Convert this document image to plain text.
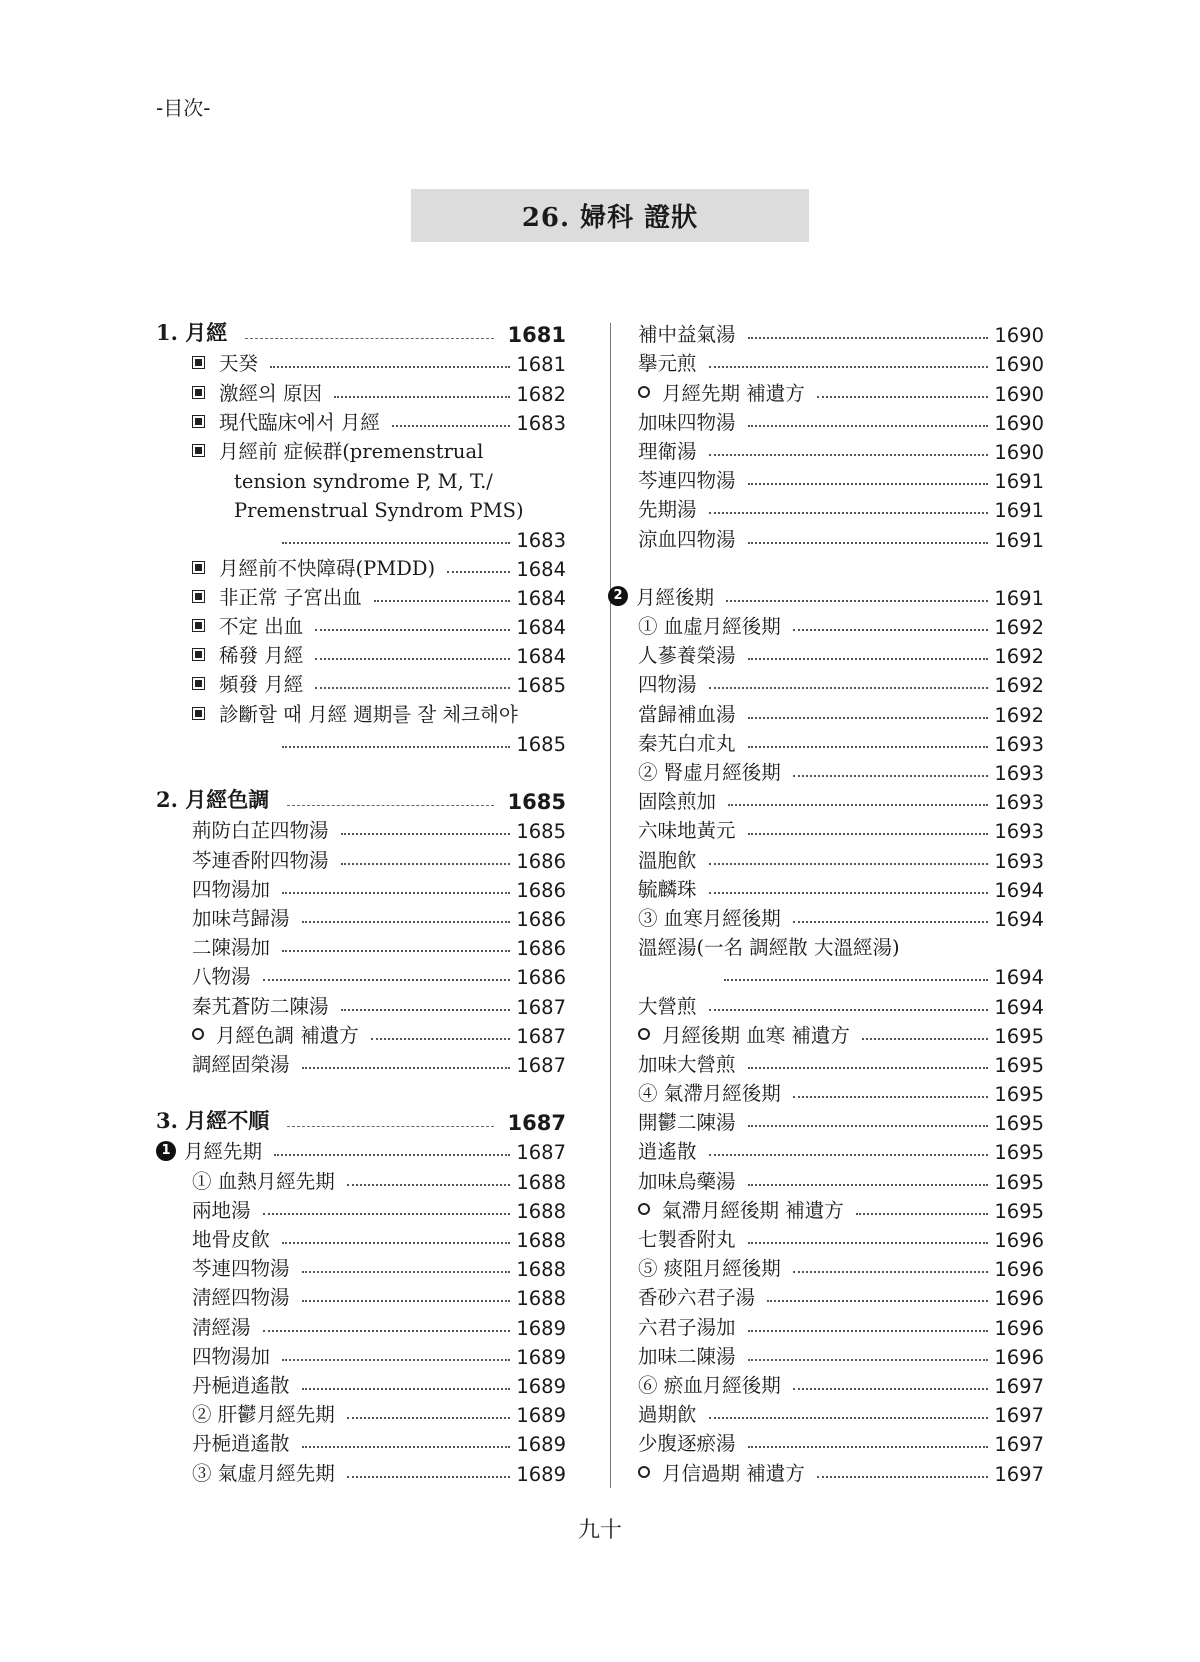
-目次-
26. 婦科 證狀
1. 月經	1681
天癸	1681
激經의 原因	1682
現代臨床에서 月經	1683
月經前 症候群(premenstrual
tension syndrome P, M, T./
Premenstrual Syndrom PMS)
1683
月經前不快障碍(PMDD)	1684
非正常 子宮出血	1684
不定 出血	1684
稀發 月經	1684
頻發 月經	1685
診斷할 때 月經 週期를 잘 체크해야
1685
2. 月經色調	1685
荊防白芷四物湯	1685
芩連香附四物湯	1686
四物湯加	1686
加味芎歸湯	1686
二陳湯加	1686
八物湯	1686
秦艽蒼防二陳湯	1687
月經色調 補遺方	1687
調經固榮湯	1687
3. 月經不順	1687
1 月經先期	1687
① 血熱月經先期	1688
兩地湯	1688
地骨皮飮	1688
芩連四物湯	1688
淸經四物湯	1688
淸經湯	1689
四物湯加	1689
丹梔逍遙散	1689
② 肝鬱月經先期	1689
丹梔逍遙散	1689
③ 氣虛月經先期	1689
補中益氣湯	1690
擧元煎	1690
月經先期 補遺方	1690
加味四物湯	1690
理衛湯	1690
芩連四物湯	1691
先期湯	1691
涼血四物湯	1691
2 月經後期	1691
① 血虛月經後期	1692
人蔘養榮湯	1692
四物湯	1692
當歸補血湯	1692
秦艽白朮丸	1693
② 腎虛月經後期	1693
固陰煎加	1693
六味地黃元	1693
溫胞飮	1693
毓麟珠	1694
③ 血寒月經後期	1694
溫經湯(一名 調經散 大溫經湯)
1694
大營煎	1694
月經後期 血寒 補遺方	1695
加味大營煎	1695
④ 氣滯月經後期	1695
開鬱二陳湯	1695
逍遙散	1695
加味烏藥湯	1695
氣滯月經後期 補遺方	1695
七製香附丸	1696
⑤ 痰阻月經後期	1696
香砂六君子湯	1696
六君子湯加	1696
加味二陳湯	1696
⑥ 瘀血月經後期	1697
過期飮	1697
少腹逐瘀湯	1697
月信過期 補遺方	1697
九十
